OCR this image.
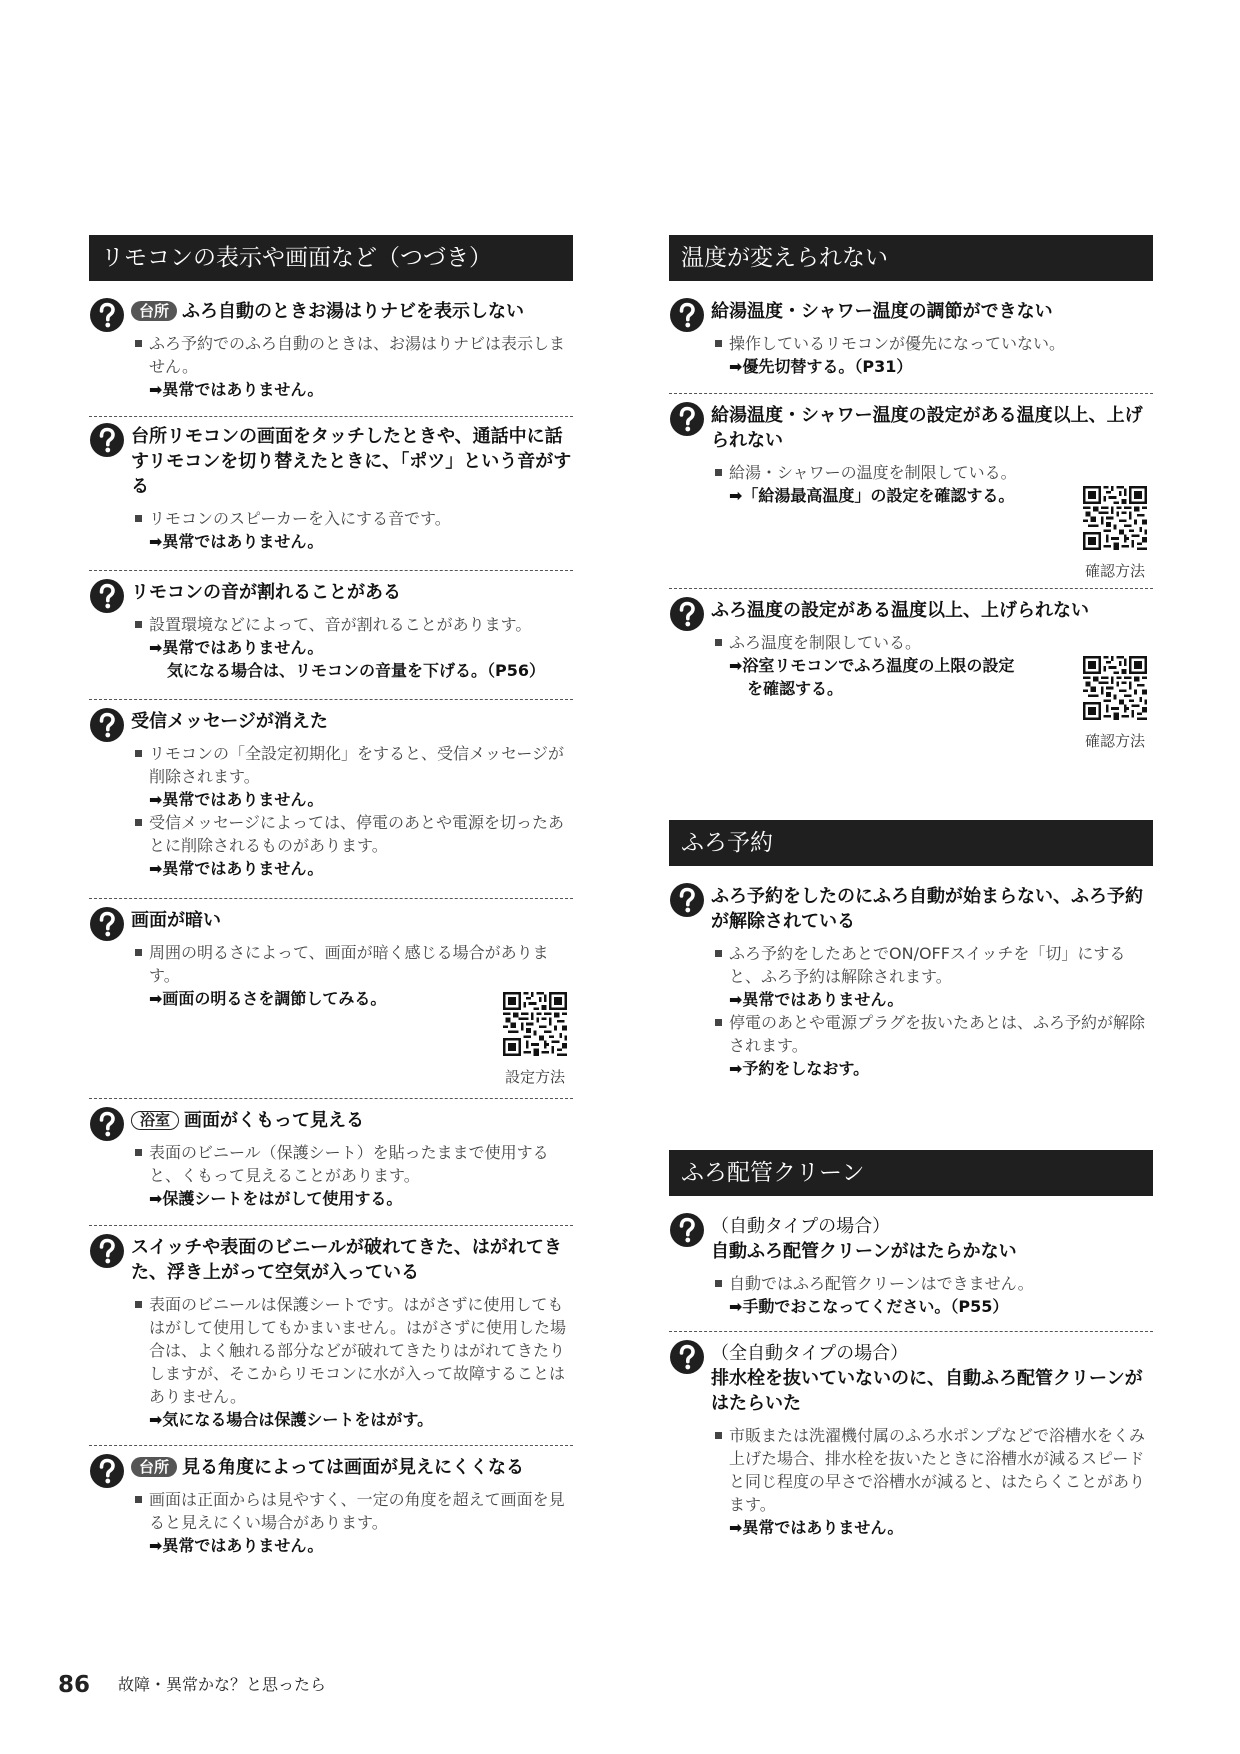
リモコンの表示や画面など（つづき）
台所 ふろ自動のときお湯はりナビを表示しない
ふろ予約でのふろ自動のときは、お湯はりナビは表示しません。
➡異常ではありません。
台所リモコンの画面をタッチしたときや、通話中に話すリモコンを切り替えたときに、「ポツ」という音がする
リモコンのスピーカーを入にする音です。
➡異常ではありません。
リモコンの音が割れることがある
設置環境などによって、音が割れることがあります。
➡異常ではありません。
気になる場合は、リモコンの音量を下げる。（P56）
受信メッセージが消えた
リモコンの「全設定初期化」をすると、受信メッセージが削除されます。
➡異常ではありません。
受信メッセージによっては、停電のあとや電源を切ったあとに削除されるものがあります。
➡異常ではありません。
画面が暗い
周囲の明るさによって、画面が暗く感じる場合があります。
➡画面の明るさを調節してみる。
設定方法
浴室 画面がくもって見える
表面のビニール（保護シート）を貼ったままで使用すると、くもって見えることがあります。
➡保護シートをはがして使用する。
スイッチや表面のビニールが破れてきた、はがれてきた、浮き上がって空気が入っている
表面のビニールは保護シートです。はがさずに使用してもはがして使用してもかまいません。はがさずに使用した場合は、よく触れる部分などが破れてきたりはがれてきたりしますが、そこからリモコンに水が入って故障することはありません。
➡気になる場合は保護シートをはがす。
台所 見る角度によっては画面が見えにくくなる
画面は正面からは見やすく、一定の角度を超えて画面を見ると見えにくい場合があります。
➡異常ではありません。
温度が変えられない
給湯温度・シャワー温度の調節ができない
操作しているリモコンが優先になっていない。
➡優先切替する。（P31）
給湯温度・シャワー温度の設定がある温度以上、上げられない
給湯・シャワーの温度を制限している。
➡「給湯最高温度」の設定を確認する。
確認方法
ふろ温度の設定がある温度以上、上げられない
ふろ温度を制限している。
➡浴室リモコンでふろ温度の上限の設定
を確認する。
確認方法
ふろ予約
ふろ予約をしたのにふろ自動が始まらない、ふろ予約が解除されている
ふろ予約をしたあとでON/OFFスイッチを「切」にすると、ふろ予約は解除されます。
➡異常ではありません。
停電のあとや電源プラグを抜いたあとは、ふろ予約が解除されます。
➡予約をしなおす。
ふろ配管クリーン
（自動タイプの場合）
自動ふろ配管クリーンがはたらかない
自動ではふろ配管クリーンはできません。
➡手動でおこなってください。（P55）
（全自動タイプの場合）
排水栓を抜いていないのに、自動ふろ配管クリーンがはたらいた
市販または洗濯機付属のふろ水ポンプなどで浴槽水をくみ上げた場合、排水栓を抜いたときに浴槽水が減るスピードと同じ程度の早さで浴槽水が減ると、はたらくことがあります。
➡異常ではありません。
86 故障・異常かな？と思ったら
